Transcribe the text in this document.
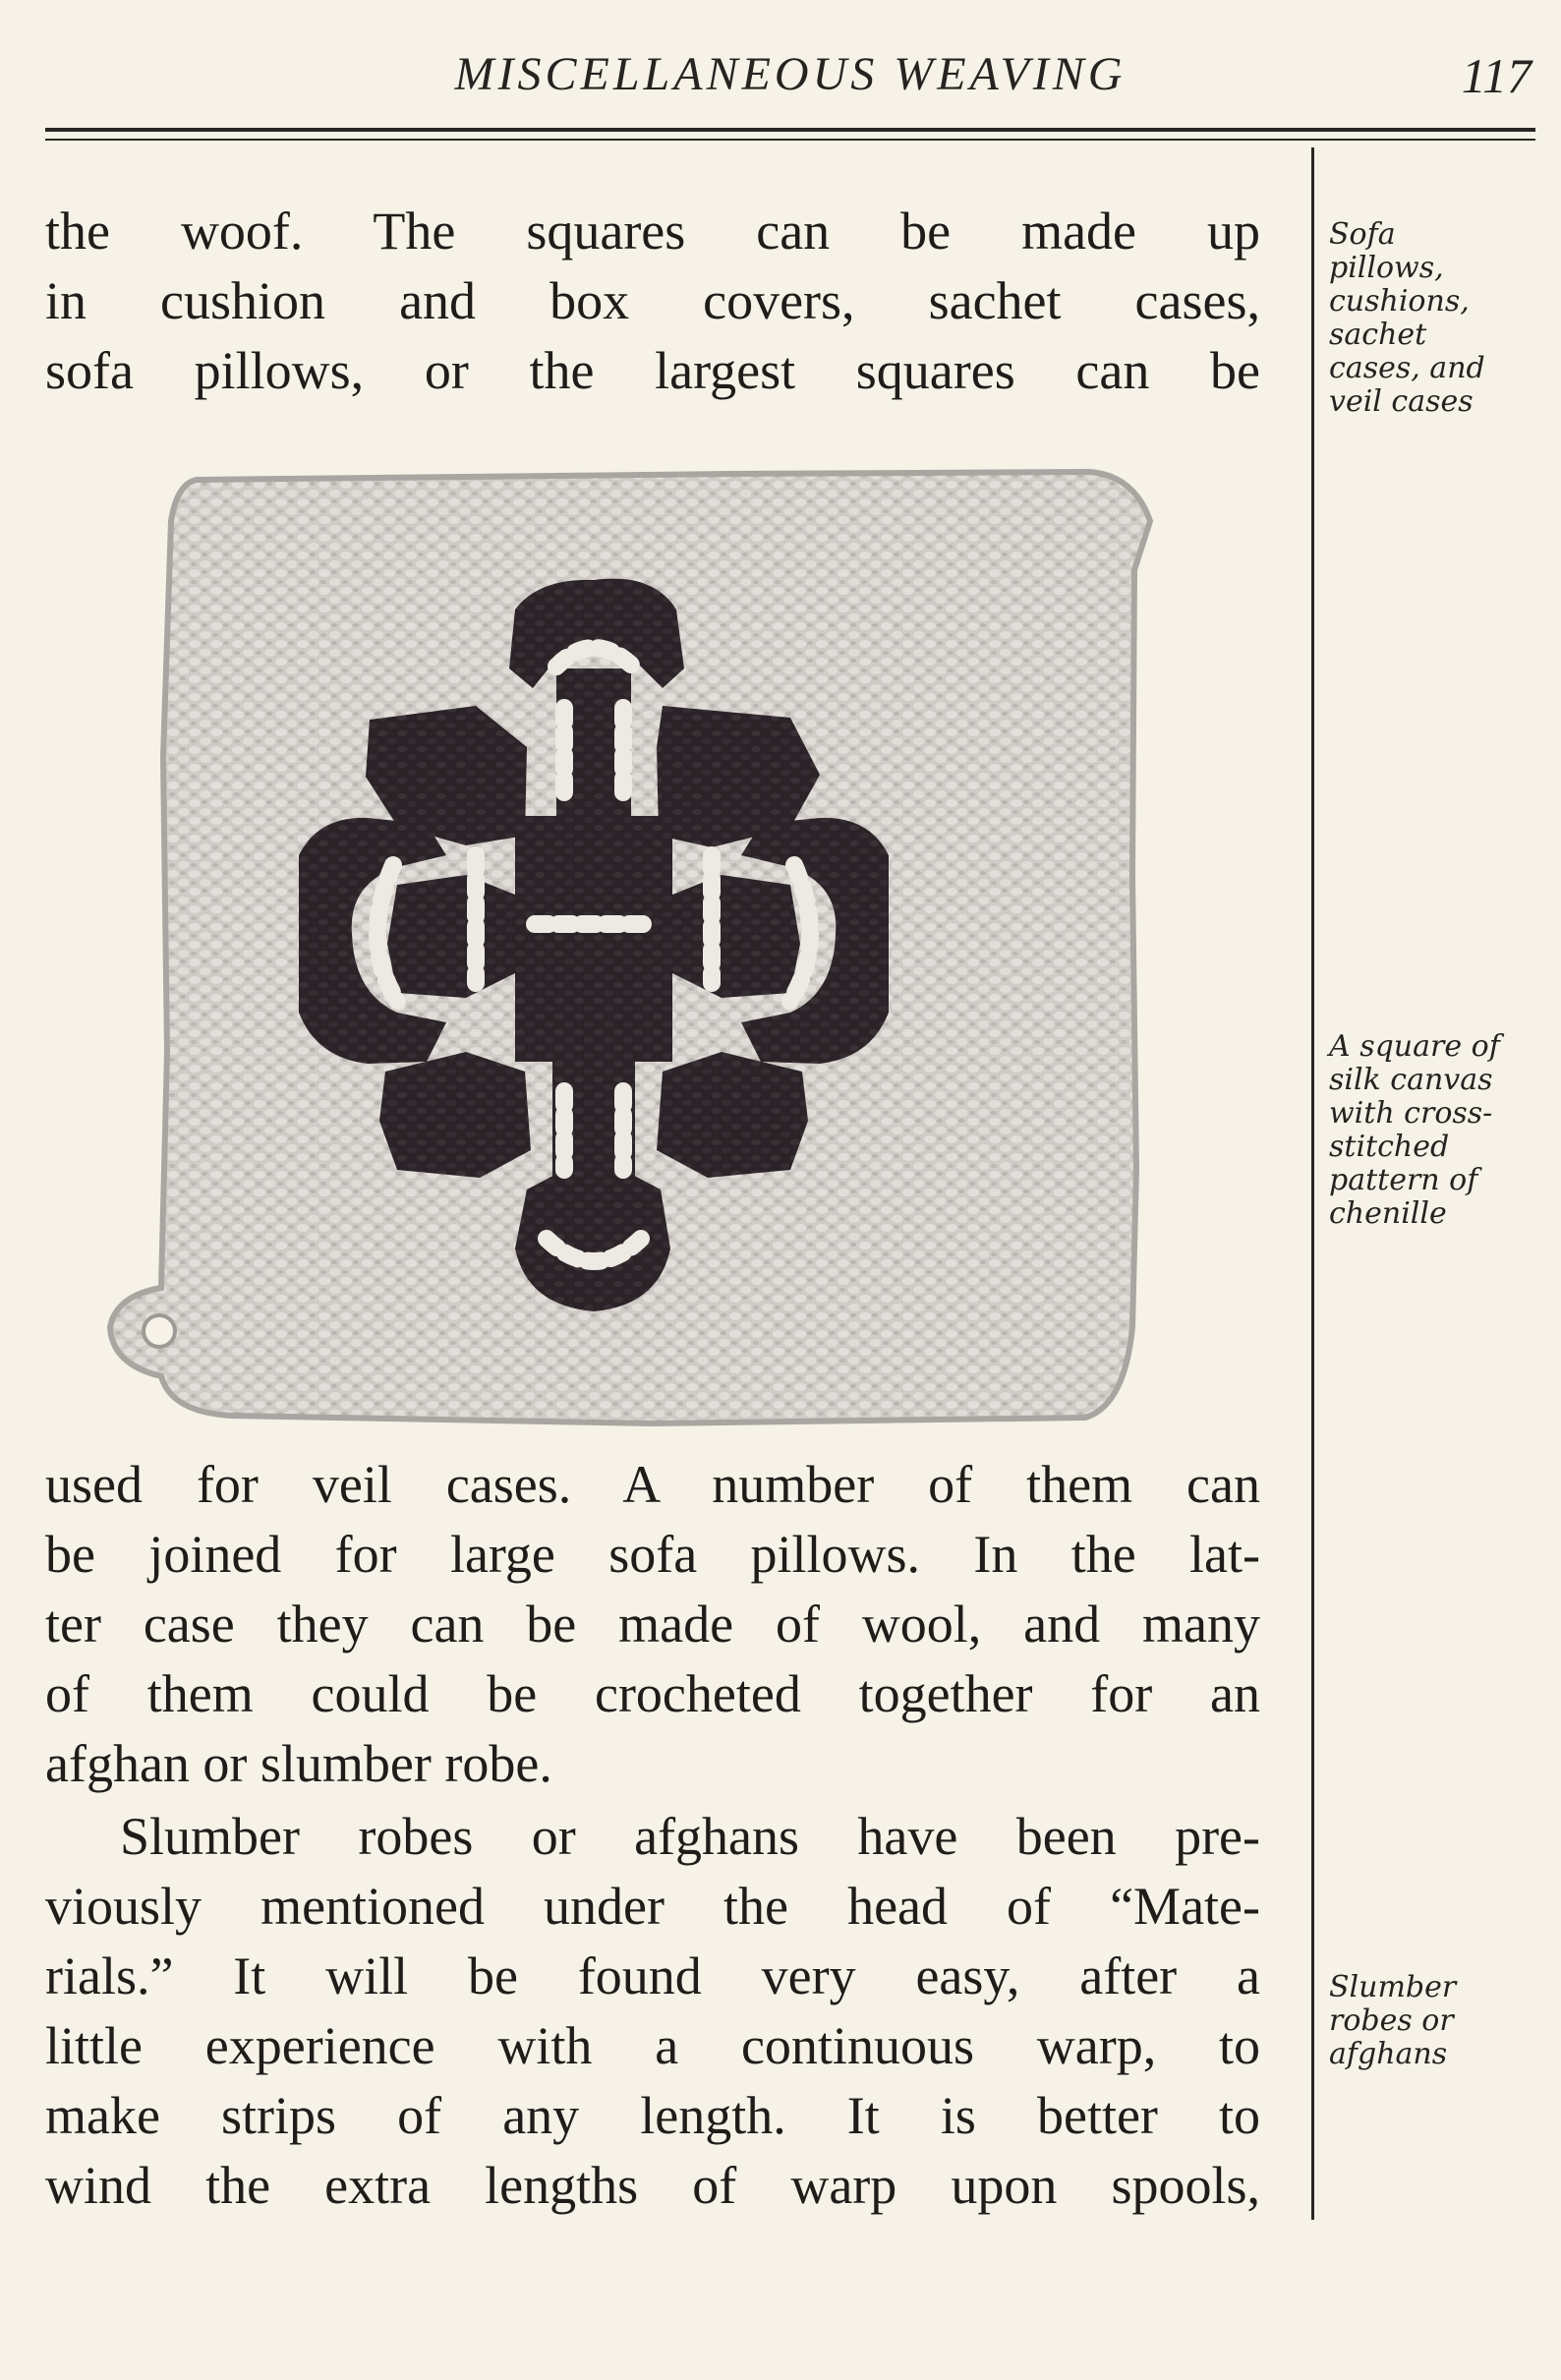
MISCELLANEOUS WEAVING	117
the woof. The squares can be made up
in cushion and box covers, sachet cases,
sofa pillows, or the largest squares can be
used for veil cases. A number of them can
be joined for large sofa pillows. In the lat-
ter case they can be made of wool, and many
of them could be crocheted together for an
afghan or slumber robe.
Slumber robes or afghans have been pre-
viously mentioned under the head of “Mate-
rials.” It will be found very easy, after a
little experience with a continuous warp, to
make strips of any length. It is better to
wind the extra lengths of warp upon spools,
Sofa
pillows,
cushions,
sachet
cases, and
veil cases
A square of
silk canvas
with cross-
stitched
pattern of
chenille
Slumber
robes or
afghans
